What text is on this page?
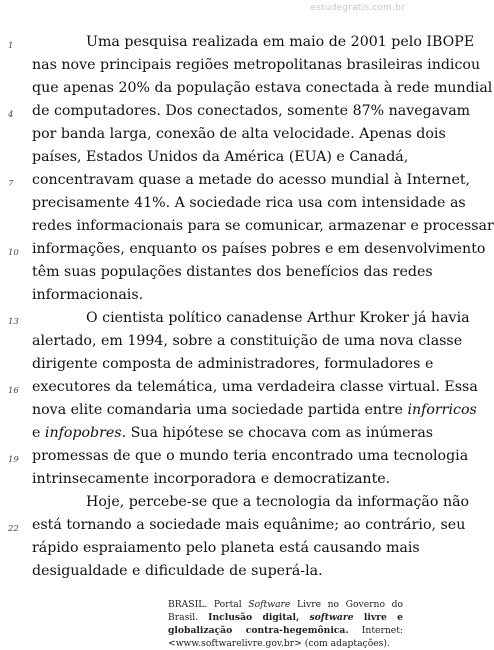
estudegratis.com.br
1	Uma pesquisa realizada em maio de 2001 pelo IBOPE
nas nove principais regiões metropolitanas brasileiras indicou
que apenas 20% da população estava conectada à rede mundial
4	de computadores. Dos conectados, somente 87% navegavam
por banda larga, conexão de alta velocidade. Apenas dois
países, Estados Unidos da América (EUA) e Canadá,
7	concentravam quase a metade do acesso mundial à Internet,
precisamente 41%. A sociedade rica usa com intensidade as
redes informacionais para se comunicar, armazenar e processar
10 informações, enquanto os países pobres e em desenvolvimento
têm suas populações distantes dos benefícios das redes
informacionais.
13	O cientista político canadense Arthur Kroker já havia
alertado, em 1994, sobre a constituição de uma nova classe
dirigente composta de administradores, formuladores e
16 executores da telemática, uma verdadeira classe virtual. Essa
nova elite comandaria uma sociedade partida entre inforricos
e infopobres. Sua hipótese se chocava com as inúmeras
19 promessas de que o mundo teria encontrado uma tecnologia
intrinsecamente incorporadora e democratizante.
Hoje, percebe-se que a tecnologia da informação não
22 está tornando a sociedade mais equânime; ao contrário, seu
rápido espraiamento pelo planeta está causando mais
desigualdade e dificuldade de superá-la.
BRASIL. Portal Software Livre no Governo do Brasil. Inclusão digital, software livre e globalização contra-hegemônica. Internet: <www.softwarelivre.gov.br> (com adaptações).
